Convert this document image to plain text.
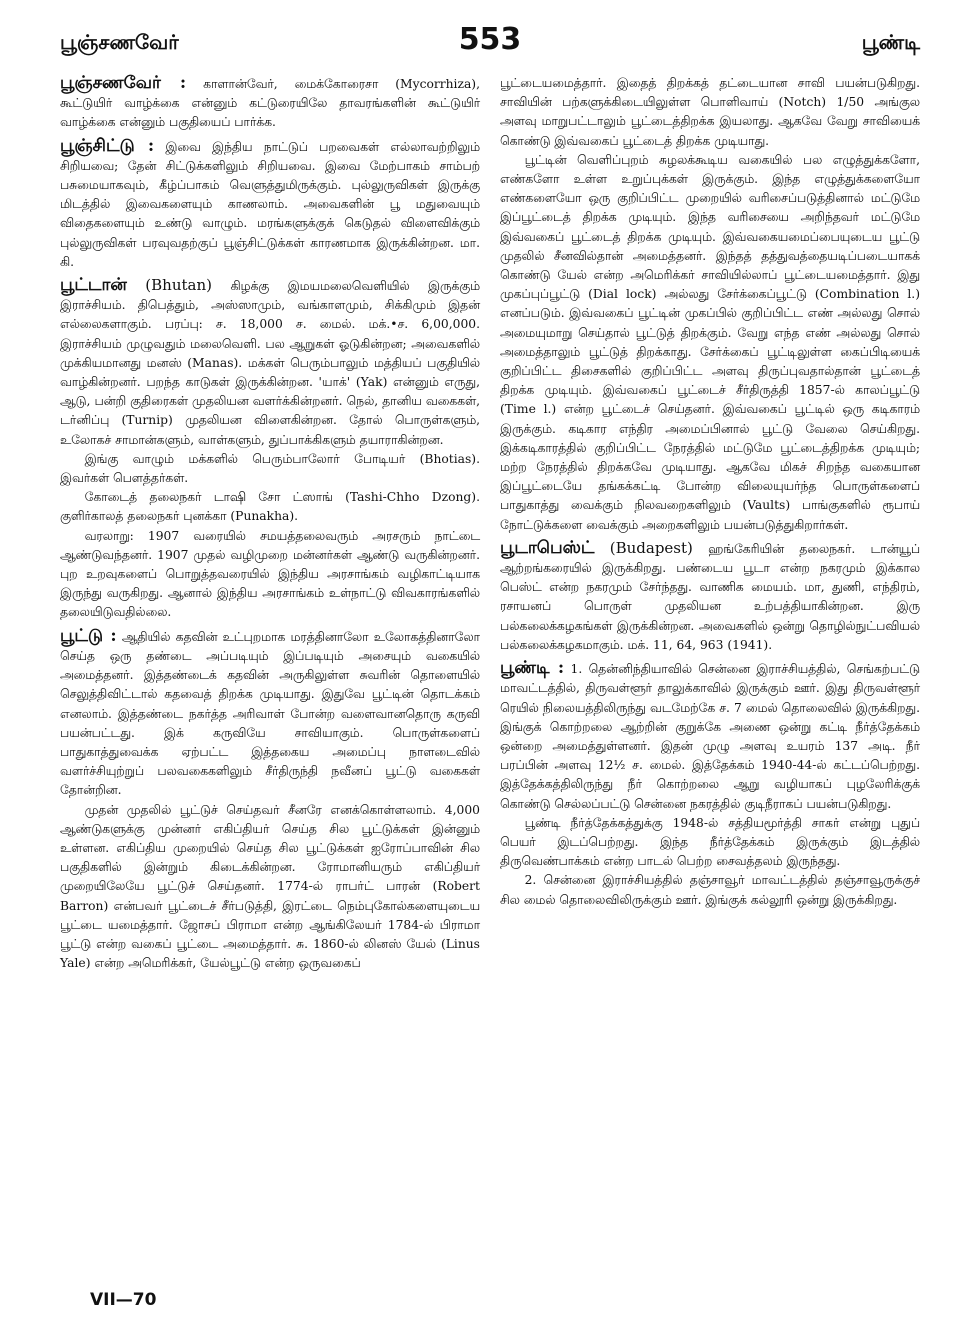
பூஞ்சணவேர்	553	பூண்டி

பூஞ்சணவேர் : காளான்வேர், மைக்கோரைசா (Mycorrhiza), கூட்டுயிர் வாழ்க்கை என்னும் கட்டுரையிலே தாவரங்களின் கூட்டுயிர் வாழ்க்கை என்னும் பகுதியைப் பார்க்க.

பூஞ்சிட்டு : இவை இந்திய நாட்டுப் பறவைகள் எல்லாவற்றிலும் சிறியவை; தேன் சிட்டுக்களிலும் சிறியவை. இவை மேற்பாகம் சாம்பற் பசுமையாகவும், கீழ்ப்பாகம் வெளுத்துமிருக்கும். புல்லுருவிகள் இருக்கு மிடத்தில் இவைகளையும் காணலாம். அவைகளின் பூ மதுவையும் விதைகளையும் உண்டு வாழும். மரங்களுக்குக் கெடுதல் விளைவிக்கும் புல்லுருவிகள் பரவுவதற்குப் பூஞ்சிட்டுக்கள் காரணமாக இருக்கின்றன. மா. கி.

பூட்டான் (Bhutan) கிழக்கு இமயமலைவெளியில் இருக்கும் இராச்சியம். திபெத்தும், அஸ்ஸாமும், வங்காளமும், சிக்கிமும் இதன் எல்லைகளாகும். பரப்பு: ச. 18,000 ச. மைல். மக்.•ச. 6,00,000. இராச்சியம் முழுவதும் மலைவெளி. பல ஆறுகள் ஓடுகின்றன; அவைகளில் முக்கியமானது மனஸ் (Manas). மக்கள் பெரும்பாலும் மத்தியப் பகுதியில் வாழ்கின்றனர். பறந்த காடுகள் இருக்கின்றன. 'யாக்' (Yak) என்னும் எருது, ஆடு, பன்றி குதிரைகள் முதலியன வளர்க்கின்றனர். நெல், தானிய வகைகள், டர்னிப்பு (Turnip) முதலியன விளைகின்றன. தோல் பொருள்களும், உலோகச் சாமான்களும், வாள்களும், துப்பாக்கிகளும் தயாராகின்றன.

இங்கு வாழும் மக்களில் பெரும்பாலோர் போடியர் (Bhotias). இவர்கள் பௌத்தர்கள்.

கோடைத் தலைநகர் டாஷி சோ ட்ஸாங் (Tashi-Chho Dzong). குளிர்காலத் தலைநகர் புனக்கா (Punakha).

வரலாறு: 1907 வரையில் சமயத்தலைவரும் அரசரும் நாட்டை ஆண்டுவந்தனர். 1907 முதல் வழிமுறை மன்னர்கள் ஆண்டு வருகின்றனர். புற உறவுகளைப் பொறுத்தவரையில் இந்திய அரசாங்கம் வழிகாட்டியாக இருந்து வருகிறது. ஆனால் இந்திய அரசாங்கம் உள்நாட்டு விவகாரங்களில் தலையிடுவதில்லை.

பூட்டு : ஆதியில் கதவின் உட்புறமாக மரத்தினாலோ உலோகத்தினாலோ செய்த ஒரு தண்டை அப்படியும் இப்படியும் அசையும் வகையில் அமைத்தனர். இத்தண்டைக் கதவின் அருகிலுள்ள சுவரின் தொளையில் செலுத்திவிட்டால் கதவைத் திறக்க முடியாது. இதுவே பூட்டின் தொடக்கம் எனலாம். இத்தண்டை நகர்த்த அரிவாள் போன்ற வளைவானதொரு கருவி பயன்பட்டது. இக் கருவியே சாவியாகும். பொருள்களைப் பாதுகாத்துவைக்க ஏற்பட்ட இத்தகைய அமைப்பு நாளடைவில் வளர்ச்சியுற்றுப் பலவகைகளிலும் சீர்திருந்தி நவீனப் பூட்டு வகைகள் தோன்றின.

முதன் முதலில் பூட்டுச் செய்தவர் சீனரே எனக்கொள்ளலாம். 4,000 ஆண்டுகளுக்கு முன்னர் எகிப்தியர் செய்த சில பூட்டுக்கள் இன்னும் உள்ளன. எகிப்திய முறையில் செய்த சில பூட்டுக்கள் ஐரோப்பாவின் சில பகுதிகளில் இன்றும் கிடைக்கின்றன. ரோமானியரும் எகிப்தியர் முறையிலேயே பூட்டுச் செய்தனர். 1774-ல் ராபர்ட் பாரன் (Robert Barron) என்பவர் பூட்டைச் சீர்படுத்தி, இரட்டை நெம்புகோல்களையுடைய பூட்டை யமைத்தார். ஜோசப் பிராமா என்ற ஆங்கிலேயர் 1784-ல் பிராமா பூட்டு என்ற வகைப் பூட்டை அமைத்தார். சு. 1860-ல் லினஸ் யேல் (Linus Yale) என்ற அமெரிக்கர், யேல்பூட்டு என்ற ஒருவகைப்

பூட்டையமைத்தார். இதைத் திறக்கத் தட்டையான சாவி பயன்படுகிறது. சாவியின் பற்களுக்கிடையிலுள்ள பொளிவாய் (Notch) 1/50 அங்குல அளவு மாறுபட்டாலும் பூட்டைத்திறக்க இயலாது. ஆகவே வேறு சாவியைக் கொண்டு இவ்வகைப் பூட்டைத் திறக்க முடியாது.

பூட்டின் வெளிப்புறம் சுழலக்கூடிய வகையில் பல எழுத்துக்களோ, எண்களோ உள்ள உறுப்புக்கள் இருக்கும். இந்த எழுத்துக்களையோ எண்களையோ ஒரு குறிப்பிட்ட முறையில் வரிசைப்படுத்தினால் மட்டுமே இப்பூட்டைத் திறக்க முடியும். இந்த வரிசையை அறிந்தவர் மட்டுமே இவ்வகைப் பூட்டைத் திறக்க முடியும். இவ்வகையமைப்பையுடைய பூட்டு முதலில் சீனவில்தான் அமைத்தனர். இந்தத் தத்துவத்தையடிப்படையாகக் கொண்டு யேல் என்ற அமெரிக்கர் சாவியில்லாப் பூட்டையமைத்தார். இது முகப்புப்பூட்டு (Dial lock) அல்லது சேர்க்கைப்பூட்டு (Combination l.) எனப்படும். இவ்வகைப் பூட்டின் முகப்பில் குறிப்பிட்ட எண் அல்லது சொல் அமையுமாறு செய்தால் பூட்டுத் திறக்கும். வேறு எந்த எண் அல்லது சொல் அமைத்தாலும் பூட்டுத் திறக்காது. சேர்க்கைப் பூட்டிலுள்ள கைப்பிடியைக் குறிப்பிட்ட திசைகளில் குறிப்பிட்ட அளவு திருப்புவதால்தான் பூட்டைத் திறக்க முடியும். இவ்வகைப் பூட்டைச் சீர்திருத்தி 1857-ல் காலப்பூட்டு (Time l.) என்ற பூட்டைச் செய்தனர். இவ்வகைப் பூட்டில் ஒரு கடிகாரம் இருக்கும். கடிகார எந்திர அமைப்பினால் பூட்டு வேலை செய்கிறது. இக்கடிகாரத்தில் குறிப்பிட்ட நேரத்தில் மட்டுமே பூட்டைத்திறக்க முடியும்; மற்ற நேரத்தில் திறக்கவே முடியாது. ஆகவே மிகச் சிறந்த வகையான இப்பூட்டையே தங்கக்கட்டி போன்ற விலையுயர்ந்த பொருள்களைப் பாதுகாத்து வைக்கும் நிலவறைகளிலும் (Vaults) பாங்குகளில் ரூபாய் நோட்டுக்களை வைக்கும் அறைகளிலும் பயன்படுத்துகிறார்கள்.

பூடாபெஸ்ட் (Budapest) ஹங்கேரியின் தலைநகர். டான்யூப் ஆற்றங்கரையில் இருக்கிறது. பண்டைய பூடா என்ற நகரமும் இக்கால பெஸ்ட் என்ற நகரமும் சேர்ந்தது. வாணிக மையம். மா, துணி, எந்திரம், ரசாயனப் பொருள் முதலியன உற்பத்தியாகின்றன. இரு பல்கலைக்கழகங்கள் இருக்கின்றன. அவைகளில் ஒன்று தொழில்நுட்பவியல் பல்கலைக்கழகமாகும். மக். 11, 64, 963 (1941).

பூண்டி : 1. தென்னிந்தியாவில் சென்னை இராச்சியத்தில், செங்கற்பட்டு மாவட்டத்தில், திருவள்ளூர் தாலுக்காவில் இருக்கும் ஊர். இது திருவள்ளூர் ரெயில் நிலையத்திலிருந்து வடமேற்கே ச. 7 மைல் தொலைவில் இருக்கிறது. இங்குக் கொற்றலை ஆற்றின் குறுக்கே அணை ஒன்று கட்டி நீர்த்தேக்கம் ஒன்றை அமைத்துள்ளனர். இதன் முழு அளவு உயரம் 137 அடி. நீர் பரப்பின் அளவு 12½ ச. மைல். இத்தேக்கம் 1940-44-ல் கட்டப்பெற்றது. இத்தேக்கத்திலிருந்து நீர் கொற்றலை ஆறு வழியாகப் புழலேரிக்குக் கொண்டு செல்லப்பட்டு சென்னை நகரத்தில் குடிநீராகப் பயன்படுகிறது.

பூண்டி நீர்த்தேக்கத்துக்கு 1948-ல் சத்தியமூர்த்தி சாகர் என்று புதுப் பெயர் இடப்பெற்றது. இந்த நீர்த்தேக்கம் இருக்கும் இடத்தில் திருவெண்பாக்கம் என்ற பாடல் பெற்ற சைவத்தலம் இருந்தது.

2. சென்னை இராச்சியத்தில் தஞ்சாவூர் மாவட்டத்தில் தஞ்சாவூருக்குச் சில மைல் தொலைவிலிருக்கும் ஊர். இங்குக் கல்லூரி ஒன்று இருக்கிறது.

VII—70
